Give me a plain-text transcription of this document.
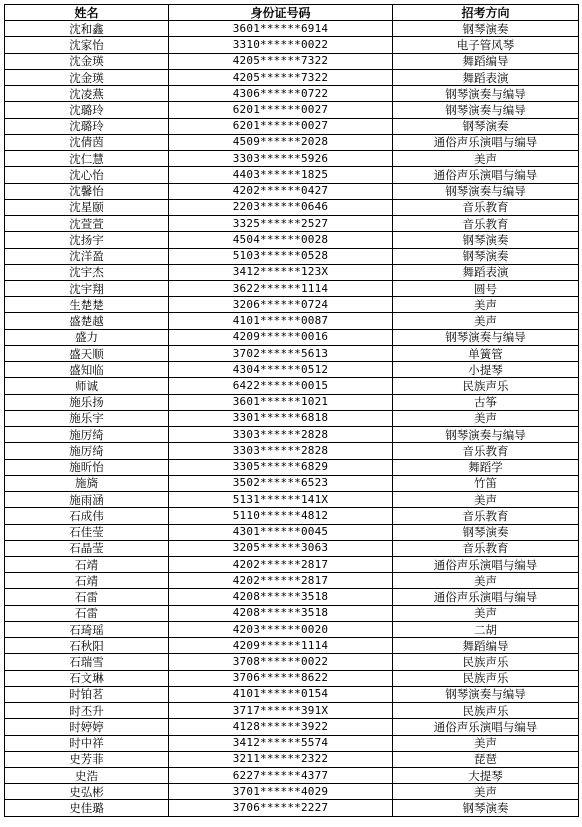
姓名	身份证号码	招考方向
沈和鑫	3601******6914	钢琴演奏
沈家怡	3310******0022	电子管风琴
沈金瑛	4205******7322	舞蹈编导
沈金瑛	4205******7322	舞蹈表演
沈凌燕	4306******0722	钢琴演奏与编导
沈璐玲	6201******0027	钢琴演奏与编导
沈璐玲	6201******0027	钢琴演奏
沈倩茵	4509******2028	通俗声乐演唱与编导
沈仁慧	3303******5926	美声
沈心怡	4403******1825	通俗声乐演唱与编导
沈馨怡	4202******0427	钢琴演奏与编导
沈星颐	2203******0646	音乐教育
沈萱萱	3325******2527	音乐教育
沈扬宇	4504******0028	钢琴演奏
沈洋盈	5103******0528	钢琴演奏
沈宇杰	3412******123X	舞蹈表演
沈宇翔	3622******1114	圆号
生楚楚	3206******0724	美声
盛楚越	4101******0087	美声
盛力	4209******0016	钢琴演奏与编导
盛天顺	3702******5613	单簧管
盛知临	4304******0512	小提琴
师诚	6422******0015	民族声乐
施乐扬	3601******1021	古筝
施乐宇	3301******6818	美声
施厉绮	3303******2828	钢琴演奏与编导
施厉绮	3303******2828	音乐教育
施昕怡	3305******6829	舞蹈学
施旖	3502******6523	竹笛
施雨涵	5131******141X	美声
石成伟	5110******4812	音乐教育
石佳莹	4301******0045	钢琴演奏
石晶莹	3205******3063	音乐教育
石靖	4202******2817	通俗声乐演唱与编导
石靖	4202******2817	美声
石雷	4208******3518	通俗声乐演唱与编导
石雷	4208******3518	美声
石琦瑶	4203******0020	二胡
石秋阳	4209******1114	舞蹈编导
石瑞雪	3708******0022	民族声乐
石文琳	3706******8622	民族声乐
时铂茗	4101******0154	钢琴演奏与编导
时丕升	3717******391X	民族声乐
时婷婷	4128******3922	通俗声乐演唱与编导
时中祥	3412******5574	美声
史芳菲	3211******2322	琵琶
史浩	6227******4377	大提琴
史弘彬	3701******4029	美声
史佳璐	3706******2227	钢琴演奏
